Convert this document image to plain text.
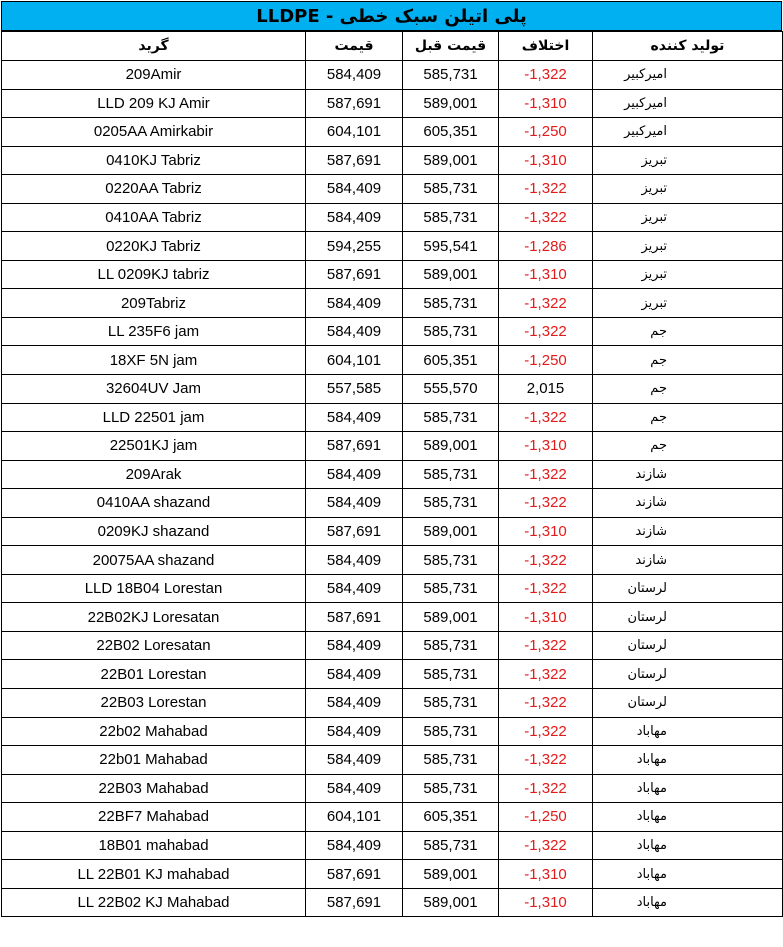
پلی اتیلن سبک خطی - LLDPE
گرید	قیمت	قیمت قبل	اختلاف	تولید کننده
209Amir	584,409	585,731	-1,322	امیرکبیر
LLD 209 KJ Amir	587,691	589,001	-1,310	امیرکبیر
0205AA Amirkabir	604,101	605,351	-1,250	امیرکبیر
0410KJ Tabriz	587,691	589,001	-1,310	تبریز
0220AA Tabriz	584,409	585,731	-1,322	تبریز
0410AA Tabriz	584,409	585,731	-1,322	تبریز
0220KJ Tabriz	594,255	595,541	-1,286	تبریز
LL 0209KJ tabriz	587,691	589,001	-1,310	تبریز
209Tabriz	584,409	585,731	-1,322	تبریز
LL 235F6 jam	584,409	585,731	-1,322	جم
18XF 5N jam	604,101	605,351	-1,250	جم
32604UV Jam	557,585	555,570	2,015	جم
LLD 22501 jam	584,409	585,731	-1,322	جم
22501KJ jam	587,691	589,001	-1,310	جم
209Arak	584,409	585,731	-1,322	شازند
0410AA shazand	584,409	585,731	-1,322	شازند
0209KJ shazand	587,691	589,001	-1,310	شازند
20075AA shazand	584,409	585,731	-1,322	شازند
LLD 18B04 Lorestan	584,409	585,731	-1,322	لرستان
22B02KJ Loresatan	587,691	589,001	-1,310	لرستان
22B02 Loresatan	584,409	585,731	-1,322	لرستان
22B01 Lorestan	584,409	585,731	-1,322	لرستان
22B03 Lorestan	584,409	585,731	-1,322	لرستان
22b02 Mahabad	584,409	585,731	-1,322	مهاباد
22b01 Mahabad	584,409	585,731	-1,322	مهاباد
22B03 Mahabad	584,409	585,731	-1,322	مهاباد
22BF7 Mahabad	604,101	605,351	-1,250	مهاباد
18B01 mahabad	584,409	585,731	-1,322	مهاباد
LL 22B01 KJ mahabad	587,691	589,001	-1,310	مهاباد
LL 22B02 KJ Mahabad	587,691	589,001	-1,310	مهاباد
